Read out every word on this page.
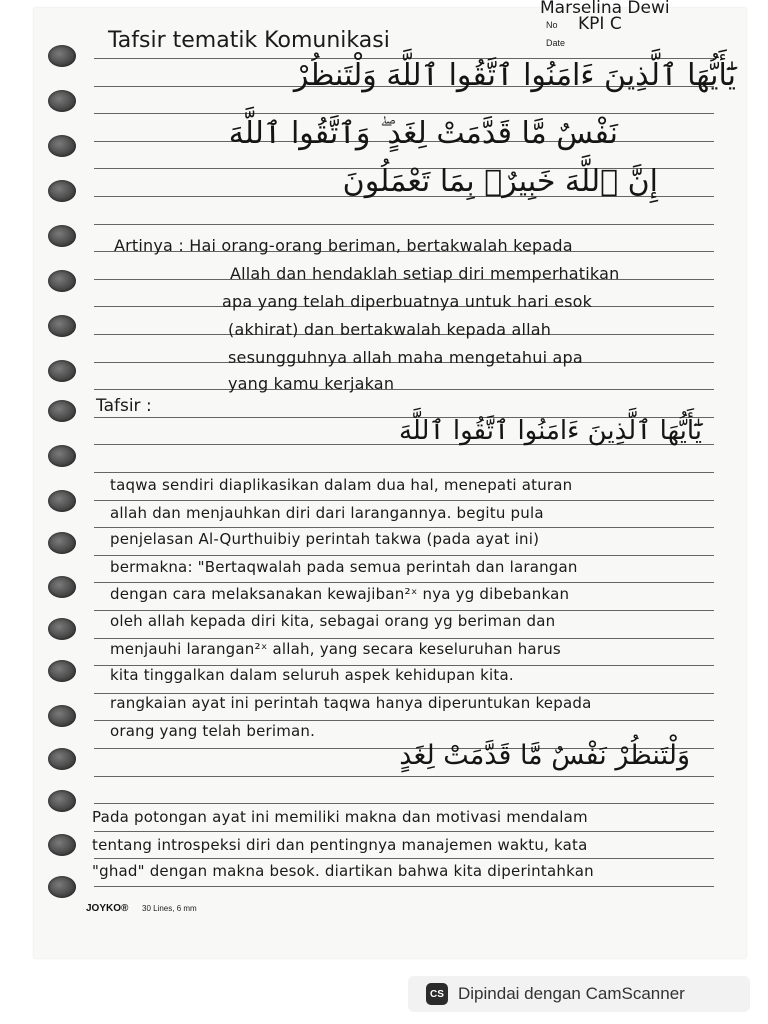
Marselina Dewi
No KPI C
Date
Tafsir tematik Komunikasi
يَٰٓأَيُّهَا ٱلَّذِينَ ءَامَنُوا ٱتَّقُوا ٱللَّهَ وَلْتَنظُرْ
نَفْسٌ مَّا قَدَّمَتْ لِغَدٍ ۖ وَٱتَّقُوا ٱللَّهَ
إِنَّ ٱللَّهَ خَبِيرٌۢ بِمَا تَعْمَلُونَ
Artinya : Hai orang-orang beriman, bertakwalah kepada
Allah dan hendaklah setiap diri memperhatikan
apa yang telah diperbuatnya untuk hari esok
(akhirat) dan bertakwalah kepada allah
sesungguhnya allah maha mengetahui apa
yang kamu kerjakan
Tafsir :
يَٰٓأَيُّهَا ٱلَّذِينَ ءَامَنُوا ٱتَّقُوا ٱللَّهَ
taqwa sendiri diaplikasikan dalam dua hal, menepati aturan
allah dan menjauhkan diri dari larangannya. begitu pula
penjelasan Al-Qurthuibiy perintah takwa (pada ayat ini)
bermakna: "Bertaqwalah pada semua perintah dan larangan
dengan cara melaksanakan kewajiban²ˣ nya yg dibebankan
oleh allah kepada diri kita, sebagai orang yg beriman dan
menjauhi larangan²ˣ allah, yang secara keseluruhan harus
kita tinggalkan dalam seluruh aspek kehidupan kita.
rangkaian ayat ini perintah taqwa hanya diperuntukan kepada
orang yang telah beriman.
وَلْتَنظُرْ نَفْسٌ مَّا قَدَّمَتْ لِغَدٍ
Pada potongan ayat ini memiliki makna dan motivasi mendalam
tentang introspeksi diri dan pentingnya manajemen waktu, kata
"ghad" dengan makna besok. diartikan bahwa kita diperintahkan
JOYKO® 30 Lines, 6 mm
CS Dipindai dengan CamScanner
